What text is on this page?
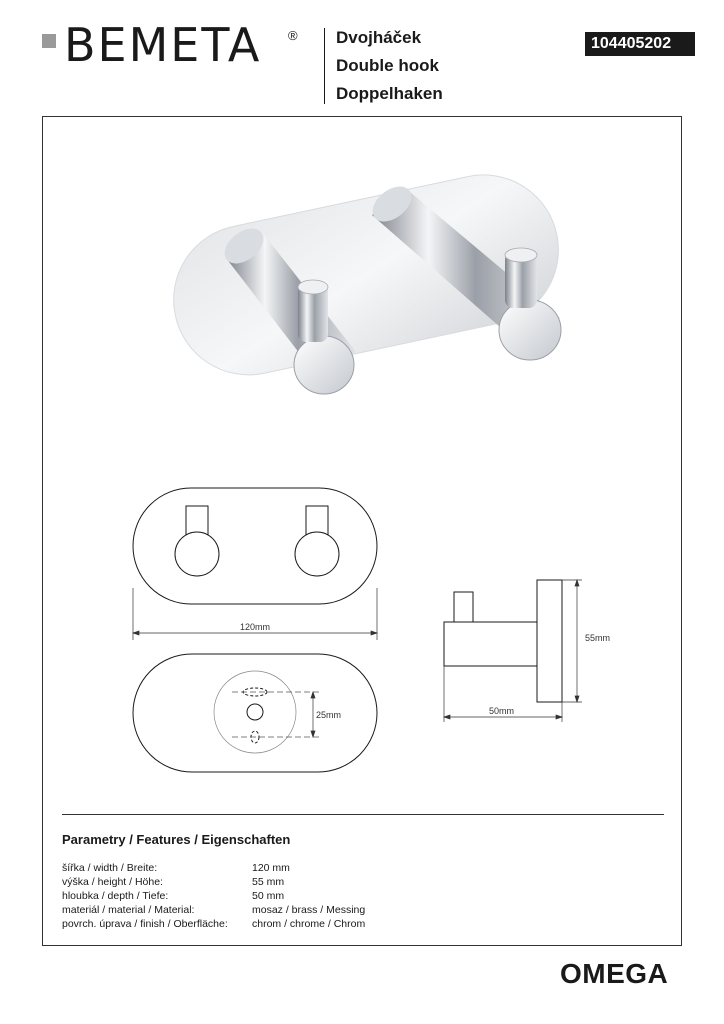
BEMETA ® Dvojháček
Double hook
Doppelhaken
104405202
120mm
25mm
55mm
50mm
Parametry / Features / Eigenschaften
šířka / width / Breite:	120 mm
výška / height / Höhe:	55 mm
hloubka / depth / Tiefe:	50 mm
materiál / material / Material:	mosaz / brass / Messing
povrch. úprava / finish / Oberfläche: chrom / chrome / Chrom
OMEGA
